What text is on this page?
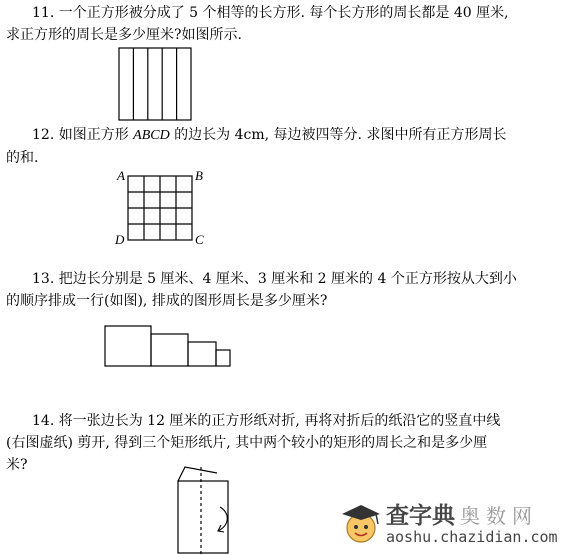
11. 一个正方形被分成了 5 个相等的长方形. 每个长方形的周长都是 40 厘米,
求正方形的周长是多少厘米?如图所示.

12. 如图正方形 ABCD 的边长为 4cm, 每边被四等分. 求图中所有正方形周长
的和.

A	B
D	C

13. 把边长分别是 5 厘米、4 厘米、3 厘米和 2 厘米的 4 个正方形按从大到小
的顺序排成一行(如图), 排成的图形周长是多少厘米?

14. 将一张边长为 12 厘米的正方形纸对折, 再将对折后的纸沿它的竖直中线
(右图虚纸) 剪开, 得到三个矩形纸片, 其中两个较小的矩形的周长之和是多少厘
米?

查字典 奥数网
aoshu.chazidian.com
